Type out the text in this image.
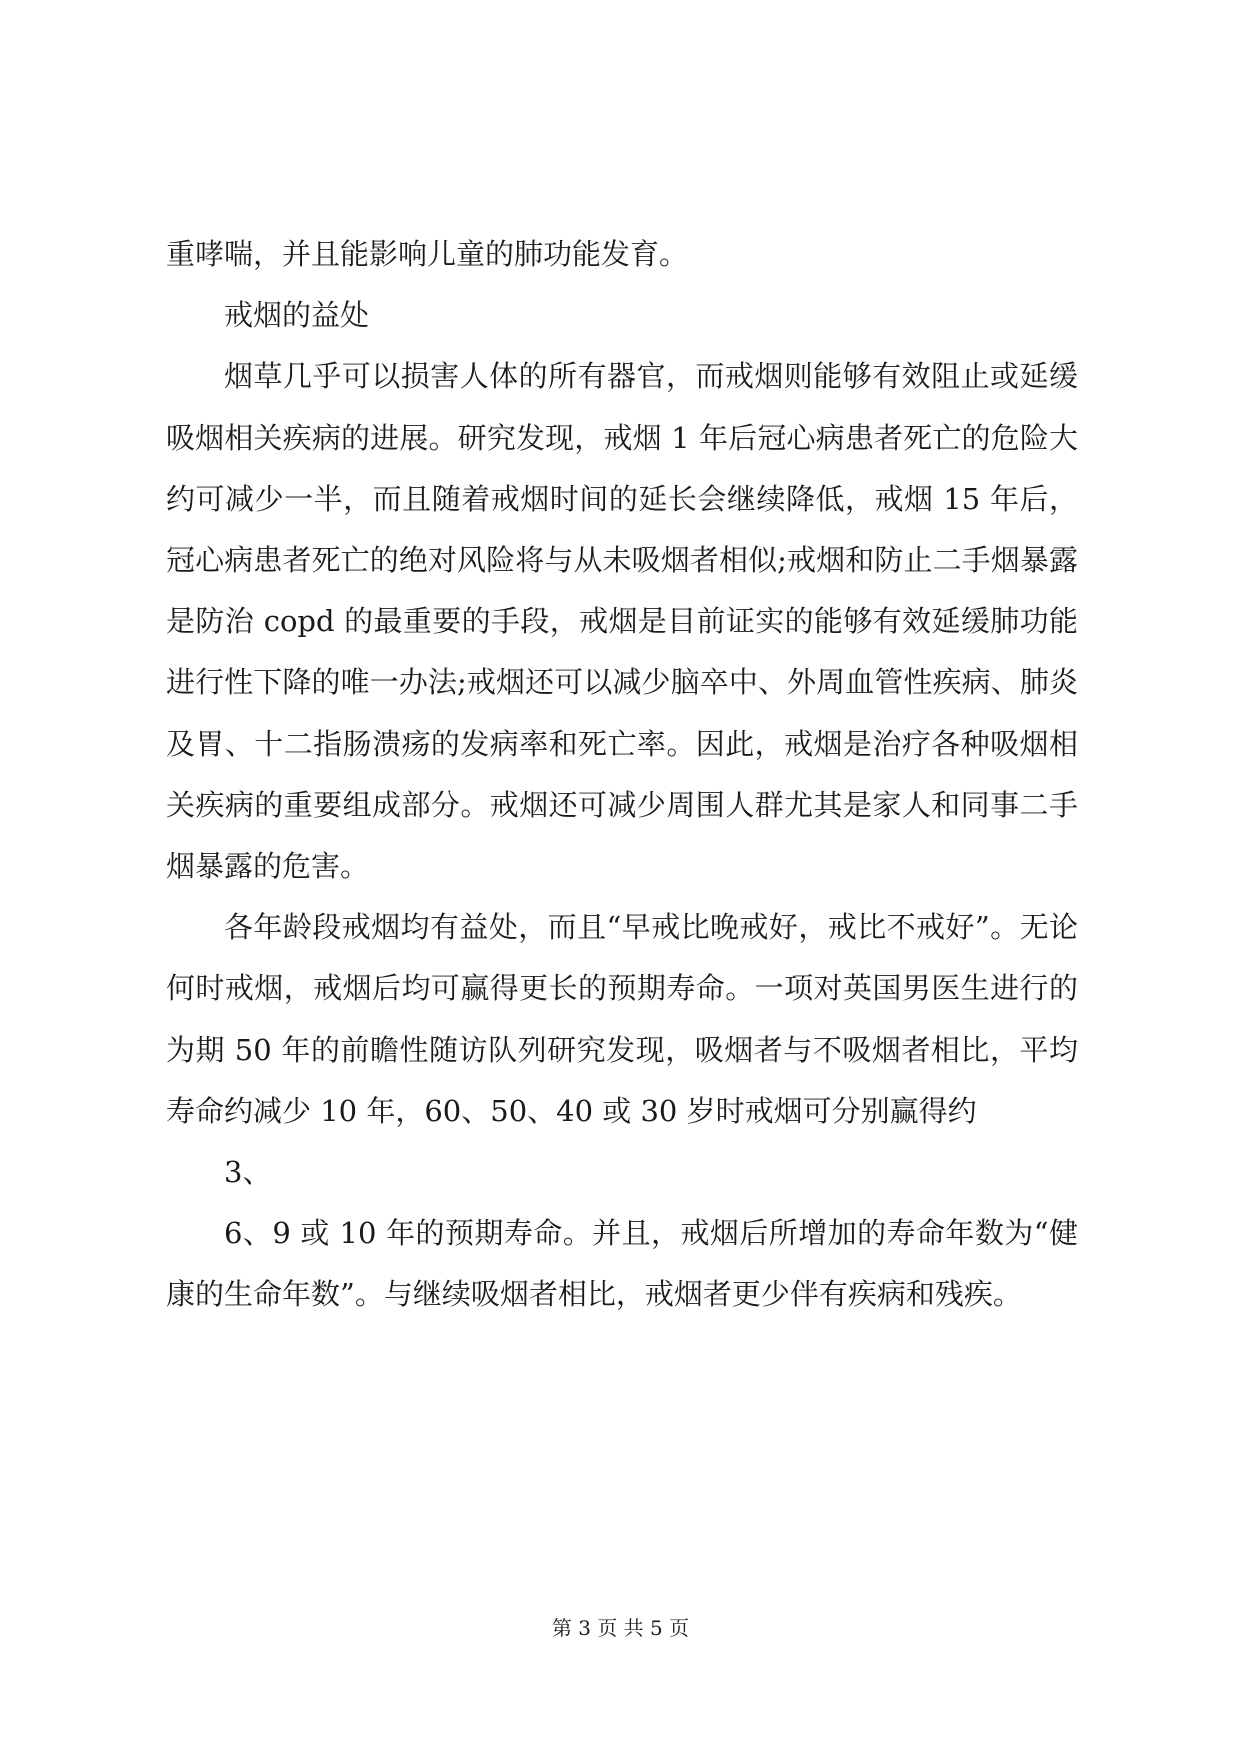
重哮喘，并且能影响儿童的肺功能发育。

戒烟的益处

烟草几乎可以损害人体的所有器官，而戒烟则能够有效阻止或延缓吸烟相关疾病的进展。研究发现，戒烟 1 年后冠心病患者死亡的危险大约可减少一半，而且随着戒烟时间的延长会继续降低，戒烟 15 年后，冠心病患者死亡的绝对风险将与从未吸烟者相似;戒烟和防止二手烟暴露是防治 copd 的最重要的手段，戒烟是目前证实的能够有效延缓肺功能进行性下降的唯一办法;戒烟还可以减少脑卒中、外周血管性疾病、肺炎及胃、十二指肠溃疡的发病率和死亡率。因此，戒烟是治疗各种吸烟相关疾病的重要组成部分。戒烟还可减少周围人群尤其是家人和同事二手烟暴露的危害。

各年龄段戒烟均有益处，而且“早戒比晚戒好，戒比不戒好”。无论何时戒烟，戒烟后均可赢得更长的预期寿命。一项对英国男医生进行的为期 50 年的前瞻性随访队列研究发现，吸烟者与不吸烟者相比，平均寿命约减少 10 年，60、50、40 或 30 岁时戒烟可分别赢得约

3、

6、9 或 10 年的预期寿命。并且，戒烟后所增加的寿命年数为“健康的生命年数”。与继续吸烟者相比，戒烟者更少伴有疾病和残疾。

第 3 页 共 5 页
